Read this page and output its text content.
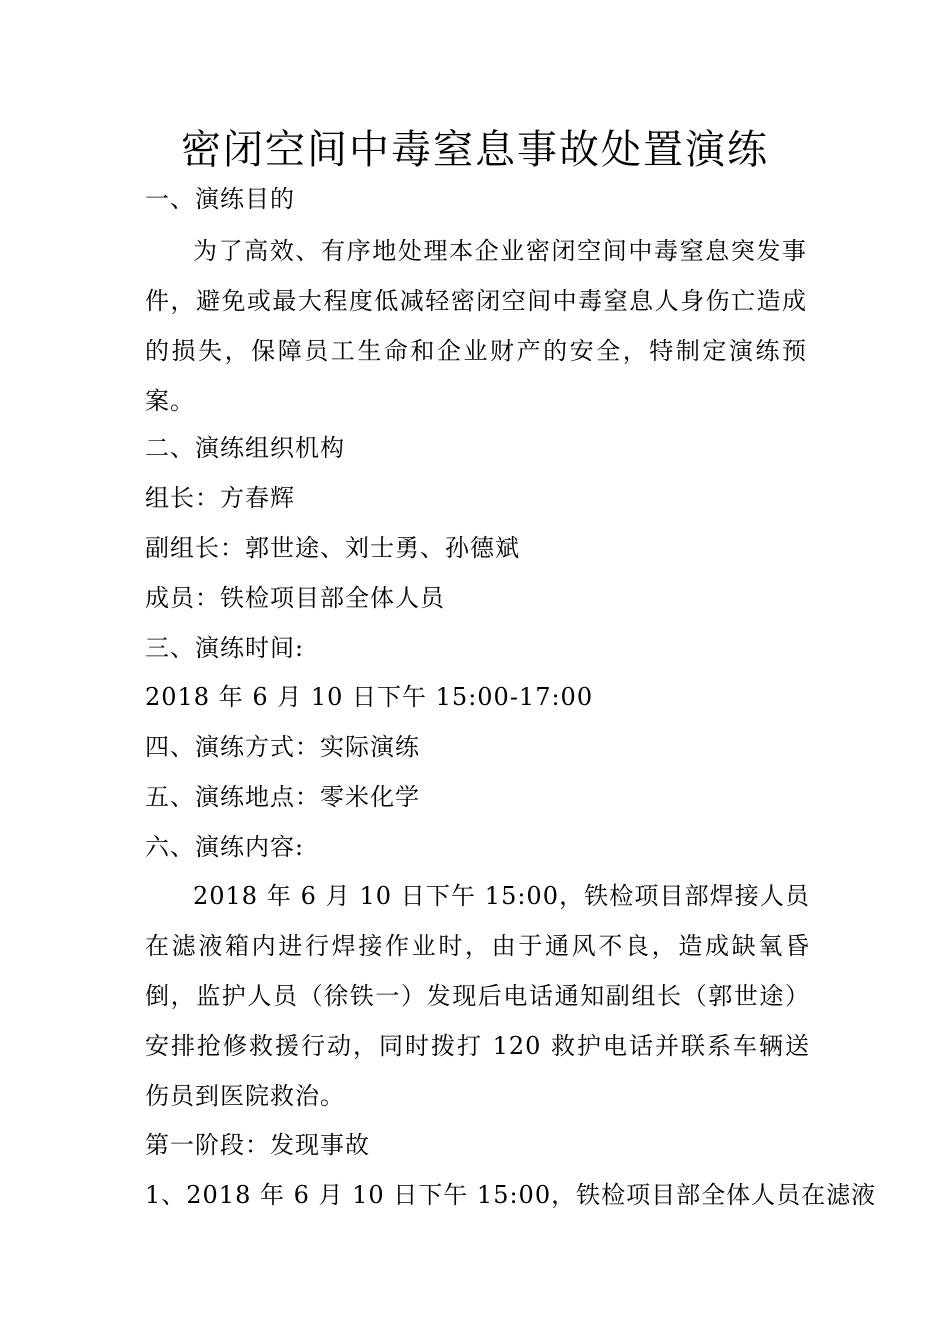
密闭空间中毒窒息事故处置演练
一、演练目的
为了高效、有序地处理本企业密闭空间中毒窒息突发事件，避免或最大程度低减轻密闭空间中毒窒息人身伤亡造成的损失，保障员工生命和企业财产的安全，特制定演练预案。
二、演练组织机构
组长：方春辉
副组长：郭世途、刘士勇、孙德斌
成员：铁检项目部全体人员
三、演练时间:
2018 年 6 月 10 日下午 15:00-17:00
四、演练方式：实际演练
五、演练地点：零米化学
六、演练内容:
2018 年 6 月 10 日下午 15:00，铁检项目部焊接人员在滤液箱内进行焊接作业时，由于通风不良，造成缺氧昏倒，监护人员（徐铁一）发现后电话通知副组长（郭世途）安排抢修救援行动，同时拨打 120 救护电话并联系车辆送伤员到医院救治。
第一阶段：发现事故
1、2018 年 6 月 10 日下午 15:00，铁检项目部全体人员在滤液
